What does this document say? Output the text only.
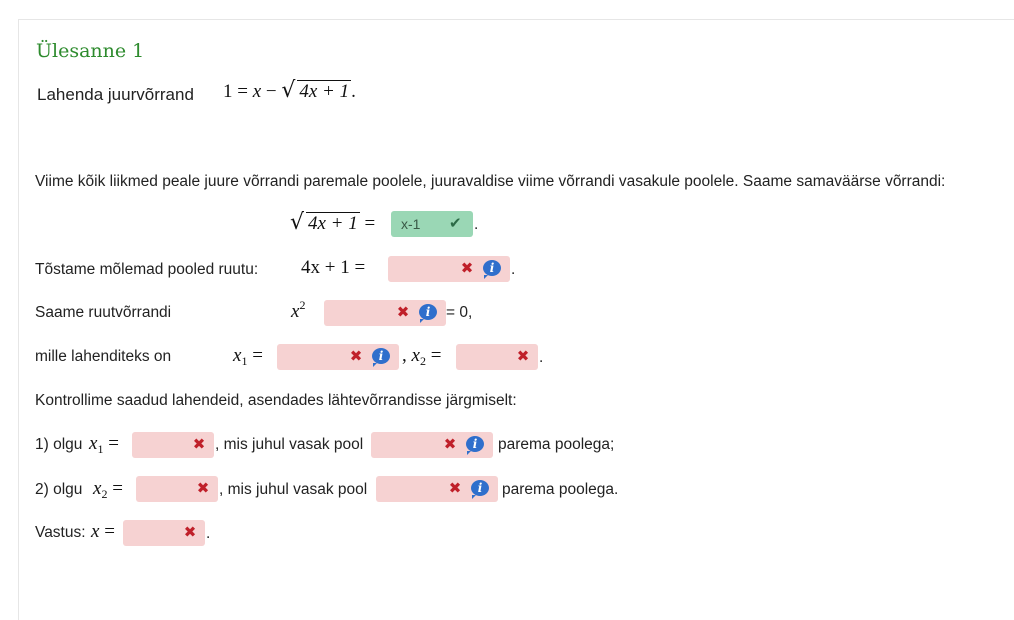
Ülesanne 1
Lahenda juurvõrrand 1 = x − √ 4x + 1 .
Viime kõik liikmed peale juure võrrandi paremale poolele, juuravaldise viime võrrandi vasakule poolele. Saame samaväärse võrrandi:
√ 4x + 1 = x-1 ✔ .
Tõstame mõlemad pooled ruutu: 4x + 1 =	✖	i	.
Saame ruutvõrrandi	$x^2$	✖	i	= 0,
mille lahenditeks on	$x_1$ =	✖	i , $x_2$ =	✖ .
Kontrollime saadud lahendeid, asendades lähtevõrrandisse järgmiselt:
1) olgu $x_1$ =	✖ , mis juhul vasak pool	✖	i	parema poolega;
2) olgu $x_2$ =	✖ , mis juhul vasak pool	✖	i	parema poolega.
Vastus: x =	✖ .
